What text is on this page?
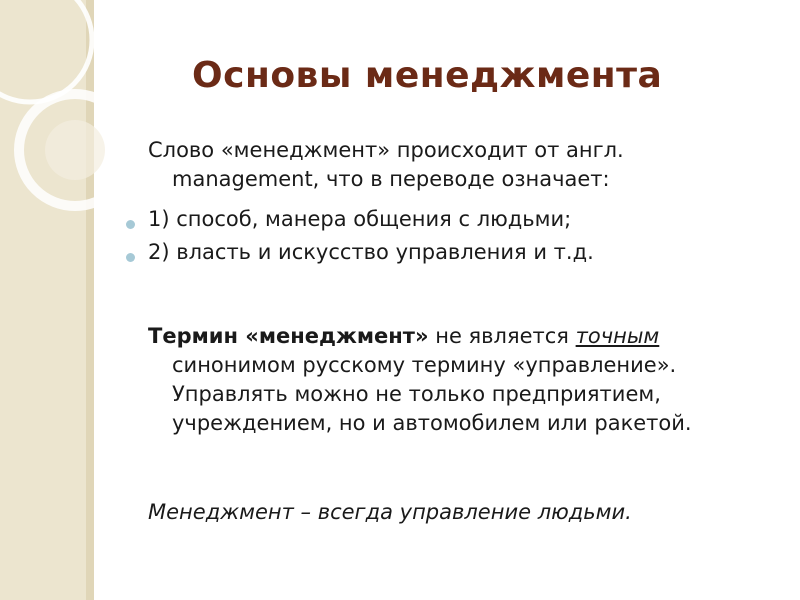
Основы менеджмента

Слово «менеджмент» происходит от англ.
management, что в переводе означает:

1) способ, манера общения с людьми;
2) власть и искусство управления и т.д.

Термин «менеджмент» не является точным
синонимом русскому термину «управление».
Управлять можно не только предприятием,
учреждением, но и автомобилем или ракетой.

Менеджмент – всегда управление людьми.
